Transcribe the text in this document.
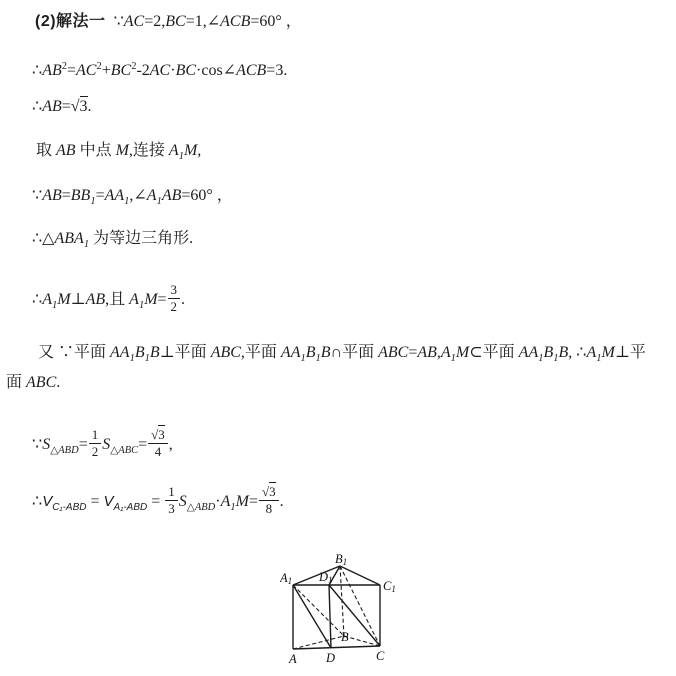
(2)解法一  ∵AC=2,BC=1,∠ACB=60° ，
$\therefore AB^2=AC^2+BC^2-2AC\cdot BC\cdot\cos\angle ACB=3$.
∴AB=√3.
取 AB 中点 M,连接 $A_1M$,
$\because AB=BB_1=AA_1,\angle A_1AB=60^\circ$ ，
$\therefore\triangle ABA_1$ 为等边三角形.
$\therefore A_1M\perp AB$,且 $A_1M= \frac{3}{2}$ .
又 ∵平面 $AA_1B_1B\perp$平面 ABC,平面 $AA_1B_1B\cap$平面 $ABC=AB,A_1M\subset$平面 $AA_1B_1B$, $\therefore A_1M\perp$平
面 ABC.
$\because S_{\triangle ABD}= \frac{1}{2} S_{\triangle ABC}= \frac{√3}{4}$ ,
$\therefore V_{C_1-ABD} = V_{A_1-ABD} = \frac{1}{3} S_{\triangle ABD}\cdot A_1M= \frac{√3}{8}$ .
B1
A1 D1	C1
A D	C
B
